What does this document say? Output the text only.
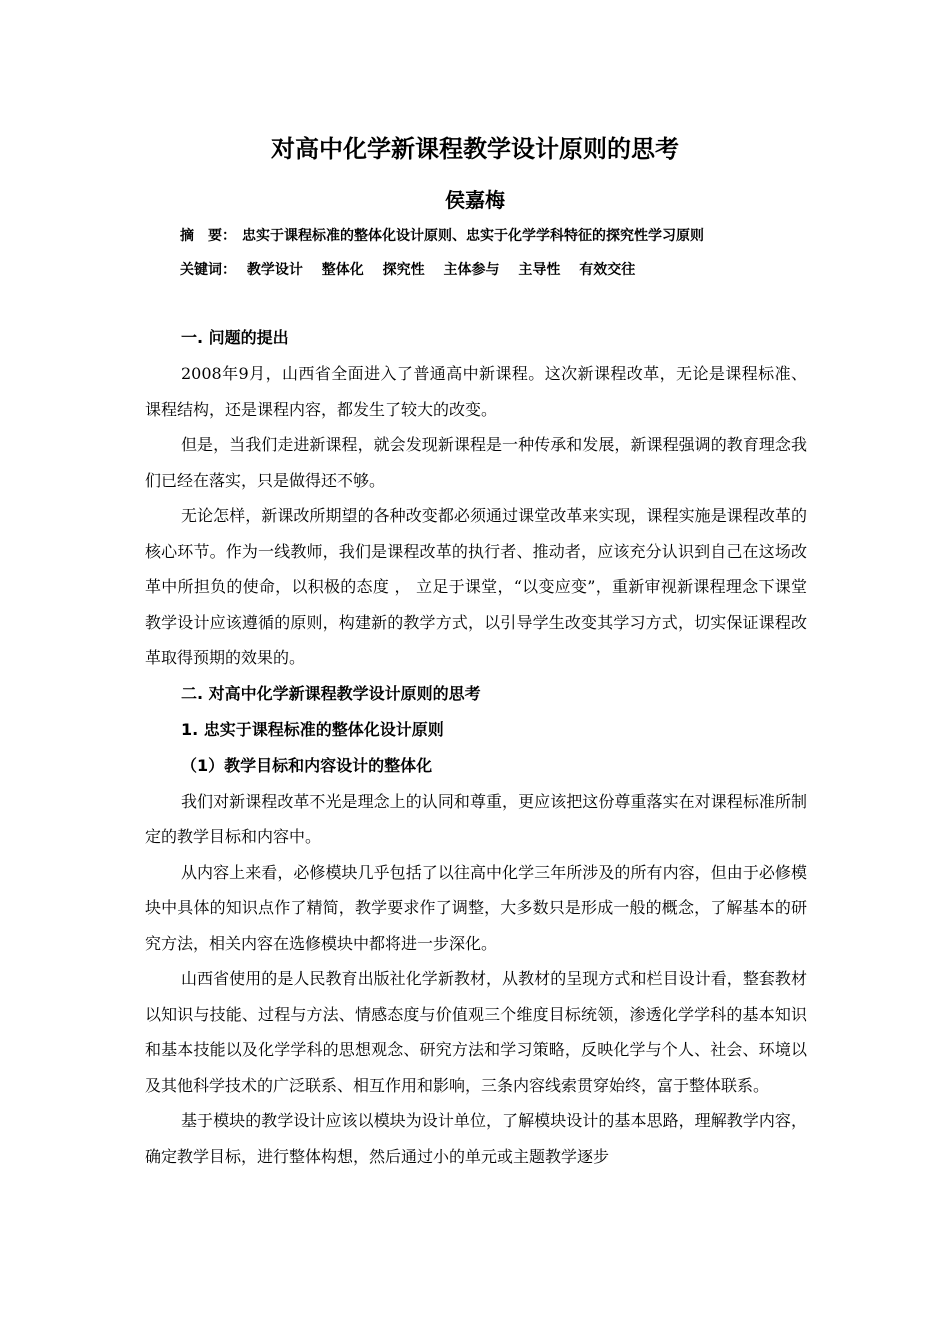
对高中化学新课程教学设计原则的思考
侯嘉梅
摘　要： 忠实于课程标准的整体化设计原则、忠实于化学学科特征的探究性学习原则
关键词： 教学设计 整体化 探究性 主体参与 主导性 有效交往

一. 问题的提出

2008年9月，山西省全面进入了普通高中新课程。这次新课程改革，无论是课程标准、课程结构，还是课程内容，都发生了较大的改变。

但是，当我们走进新课程，就会发现新课程是一种传承和发展，新课程强调的教育理念我们已经在落实，只是做得还不够。

无论怎样，新课改所期望的各种改变都必须通过课堂改革来实现，课程实施是课程改革的核心环节。作为一线教师，我们是课程改革的执行者、推动者，应该充分认识到自己在这场改革中所担负的使命，以积极的态度 ， 立足于课堂，“以变应变”，重新审视新课程理念下课堂教学设计应该遵循的原则，构建新的教学方式，以引导学生改变其学习方式，切实保证课程改革取得预期的效果的。

二. 对高中化学新课程教学设计原则的思考

1. 忠实于课程标准的整体化设计原则

（1）教学目标和内容设计的整体化

我们对新课程改革不光是理念上的认同和尊重，更应该把这份尊重落实在对课程标准所制定的教学目标和内容中。

从内容上来看，必修模块几乎包括了以往高中化学三年所涉及的所有内容，但由于必修模块中具体的知识点作了精简，教学要求作了调整，大多数只是形成一般的概念，了解基本的研究方法，相关内容在选修模块中都将进一步深化。

山西省使用的是人民教育出版社化学新教材，从教材的呈现方式和栏目设计看，整套教材以知识与技能、过程与方法、情感态度与价值观三个维度目标统领，渗透化学学科的基本知识和基本技能以及化学学科的思想观念、研究方法和学习策略，反映化学与个人、社会、环境以及其他科学技术的广泛联系、相互作用和影响，三条内容线索贯穿始终，富于整体联系。

基于模块的教学设计应该以模块为设计单位，了解模块设计的基本思路，理解教学内容，确定教学目标，进行整体构想，然后通过小的单元或主题教学逐步
